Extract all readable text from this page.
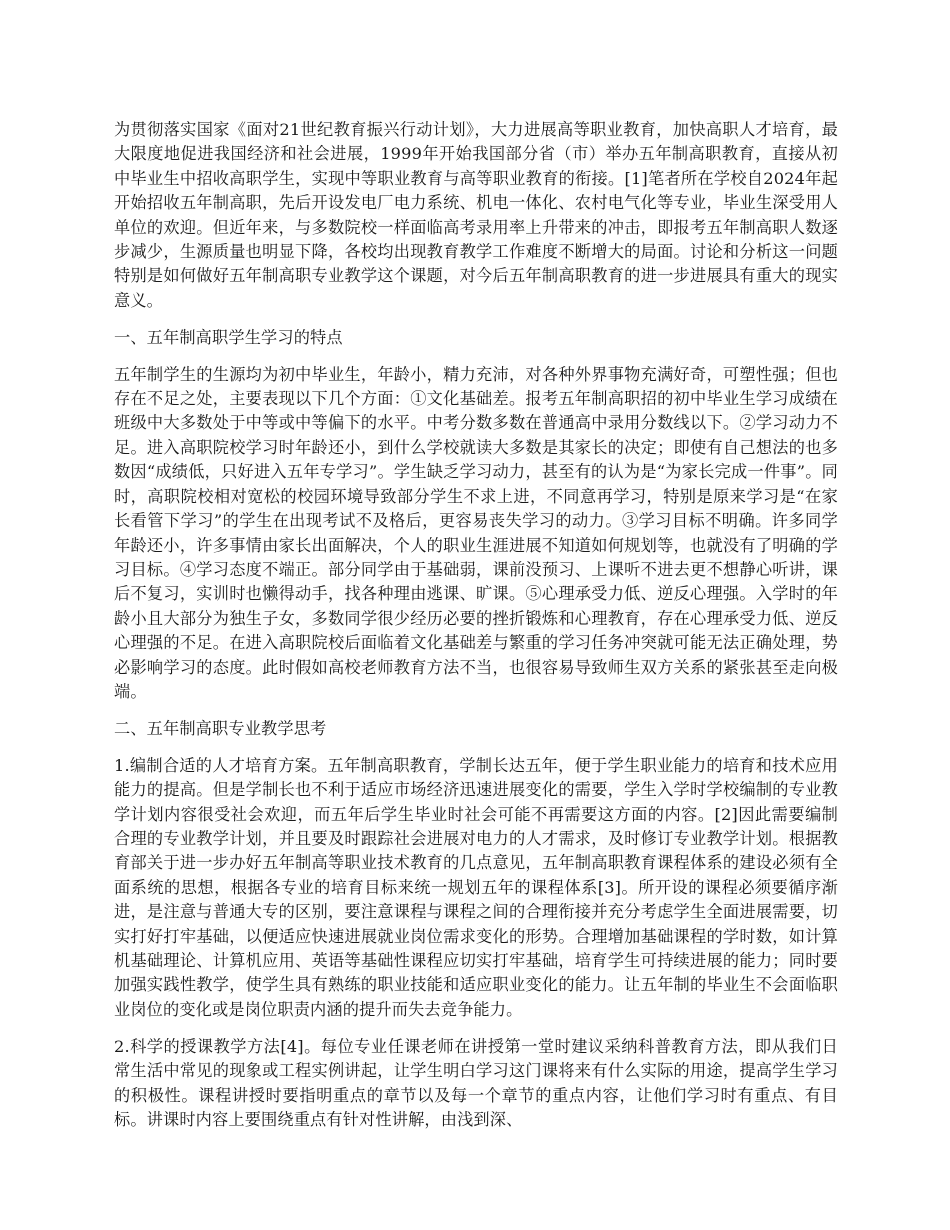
为贯彻落实国家《面对21世纪教育振兴行动计划》，大力进展高等职业教育，加快高职人才培育，最大限度地促进我国经济和社会进展，1999年开始我国部分省（市）举办五年制高职教育，直接从初中毕业生中招收高职学生，实现中等职业教育与高等职业教育的衔接。[1]笔者所在学校自2024年起开始招收五年制高职，先后开设发电厂电力系统、机电一体化、农村电气化等专业，毕业生深受用人单位的欢迎。但近年来，与多数院校一样面临高考录用率上升带来的冲击，即报考五年制高职人数逐步减少，生源质量也明显下降，各校均出现教育教学工作难度不断增大的局面。讨论和分析这一问题特别是如何做好五年制高职专业教学这个课题，对今后五年制高职教育的进一步进展具有重大的现实意义。

一、五年制高职学生学习的特点

五年制学生的生源均为初中毕业生，年龄小，精力充沛，对各种外界事物充满好奇，可塑性强；但也存在不足之处，主要表现以下几个方面：①文化基础差。报考五年制高职招的初中毕业生学习成绩在班级中大多数处于中等或中等偏下的水平。中考分数多数在普通高中录用分数线以下。②学习动力不足。进入高职院校学习时年龄还小，到什么学校就读大多数是其家长的决定；即使有自己想法的也多数因“成绩低，只好进入五年专学习”。学生缺乏学习动力，甚至有的认为是“为家长完成一件事”。同时，高职院校相对宽松的校园环境导致部分学生不求上进，不同意再学习，特别是原来学习是“在家长看管下学习”的学生在出现考试不及格后，更容易丧失学习的动力。③学习目标不明确。许多同学年龄还小，许多事情由家长出面解决，个人的职业生涯进展不知道如何规划等，也就没有了明确的学习目标。④学习态度不端正。部分同学由于基础弱，课前没预习、上课听不进去更不想静心听讲，课后不复习，实训时也懒得动手，找各种理由逃课、旷课。⑤心理承受力低、逆反心理强。入学时的年龄小且大部分为独生子女，多数同学很少经历必要的挫折锻炼和心理教育，存在心理承受力低、逆反心理强的不足。在进入高职院校后面临着文化基础差与繁重的学习任务冲突就可能无法正确处理，势必影响学习的态度。此时假如高校老师教育方法不当，也很容易导致师生双方关系的紧张甚至走向极端。

二、五年制高职专业教学思考

1.编制合适的人才培育方案。五年制高职教育，学制长达五年，便于学生职业能力的培育和技术应用能力的提高。但是学制长也不利于适应市场经济迅速进展变化的需要，学生入学时学校编制的专业教学计划内容很受社会欢迎，而五年后学生毕业时社会可能不再需要这方面的内容。[2]因此需要编制合理的专业教学计划，并且要及时跟踪社会进展对电力的人才需求，及时修订专业教学计划。根据教育部关于进一步办好五年制高等职业技术教育的几点意见，五年制高职教育课程体系的建设必须有全面系统的思想，根据各专业的培育目标来统一规划五年的课程体系[3]。所开设的课程必须要循序渐进，是注意与普通大专的区别，要注意课程与课程之间的合理衔接并充分考虑学生全面进展需要，切实打好打牢基础，以便适应快速进展就业岗位需求变化的形势。合理增加基础课程的学时数，如计算机基础理论、计算机应用、英语等基础性课程应切实打牢基础，培育学生可持续进展的能力；同时要加强实践性教学，使学生具有熟练的职业技能和适应职业变化的能力。让五年制的毕业生不会面临职业岗位的变化或是岗位职责内涵的提升而失去竞争能力。

2.科学的授课教学方法[4]。每位专业任课老师在讲授第一堂时建议采纳科普教育方法，即从我们日常生活中常见的现象或工程实例讲起，让学生明白学习这门课将来有什么实际的用途，提高学生学习的积极性。课程讲授时要指明重点的章节以及每一个章节的重点内容，让他们学习时有重点、有目标。讲课时内容上要围绕重点有针对性讲解，由浅到深、
